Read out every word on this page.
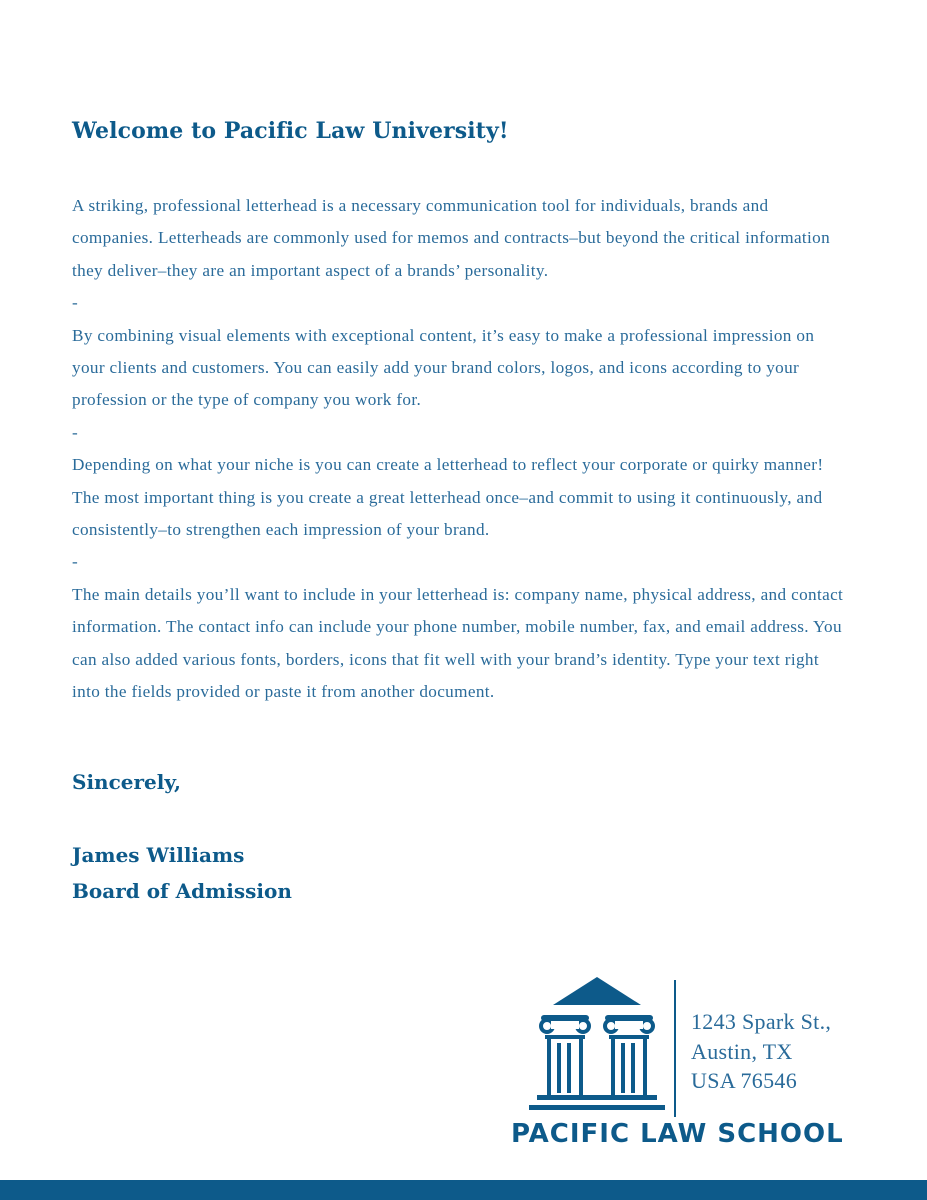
Welcome to Pacific Law University!

A striking, professional letterhead is a necessary communication tool for individuals, brands and companies. Letterheads are commonly used for memos and contracts–but beyond the critical information they deliver–they are an important aspect of a brands’ personality.

-

By combining visual elements with exceptional content, it’s easy to make a professional impression on your clients and customers. You can easily add your brand colors, logos, and icons according to your profession or the type of company you work for.

-

Depending on what your niche is you can create a letterhead to reflect your corporate or quirky manner! The most important thing is you create a great letterhead once–and commit to using it continuously, and consistently–to strengthen each impression of your brand.

-

The main details you’ll want to include in your letterhead is: company name, physical address, and contact information. The contact info can include your phone number, mobile number, fax, and email address. You can also added various fonts, borders, icons that fit well with your brand’s identity. Type your text right into the fields provided or paste it from another document.

Sincerely,
James Williams
Board of Admission
1243 Spark St.,
Austin, TX
USA 76546
PACIFIC LAW SCHOOL
